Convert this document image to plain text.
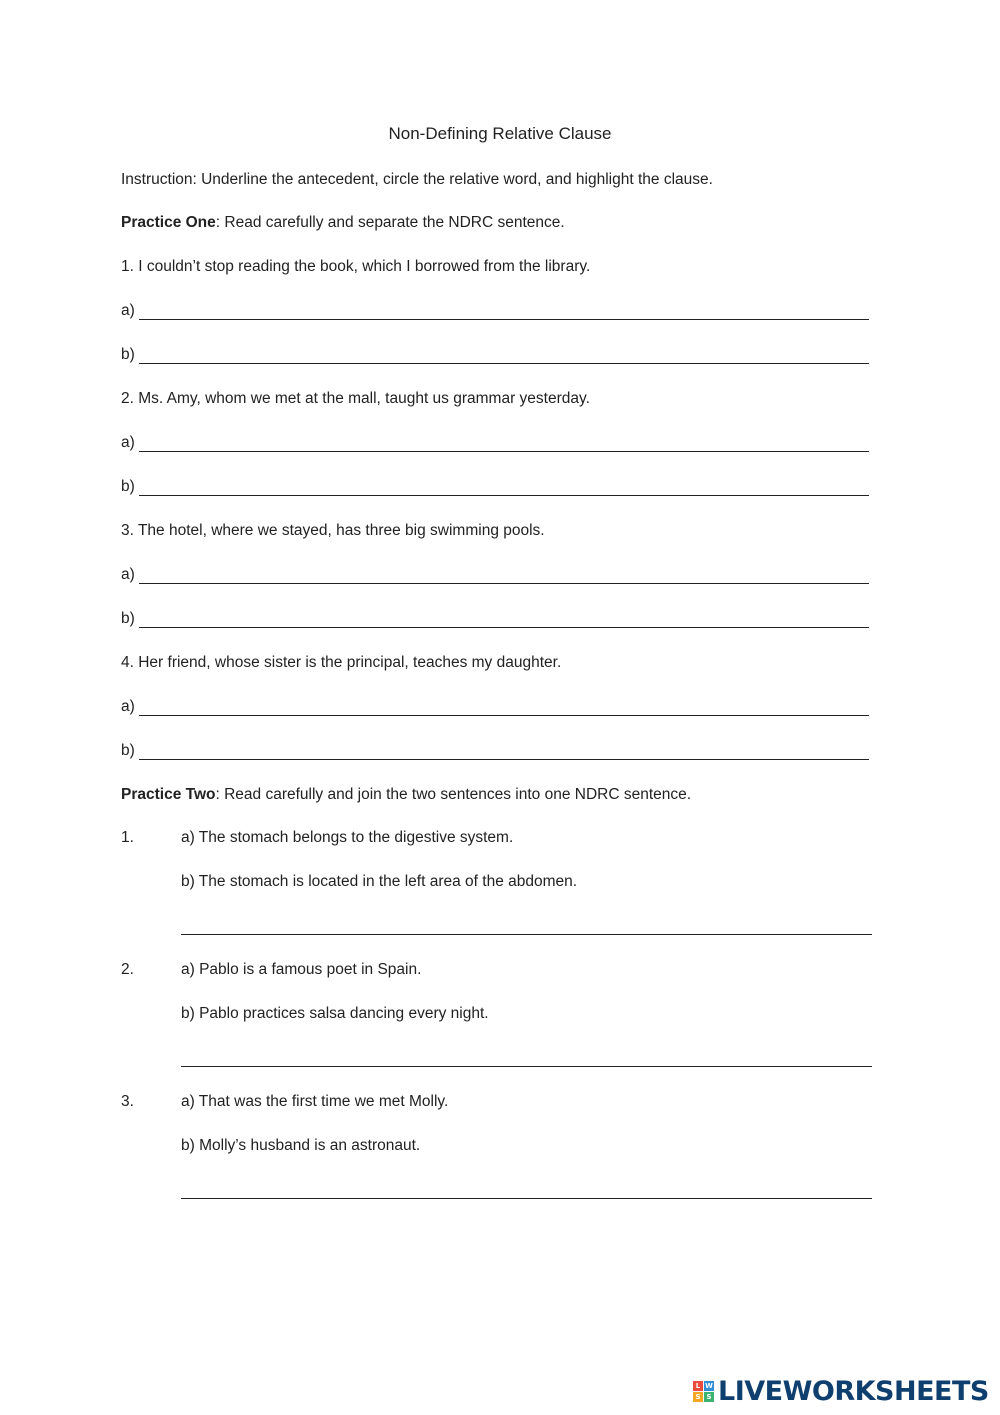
Non-Defining Relative Clause
Instruction: Underline the antecedent, circle the relative word, and highlight the clause.
Practice One: Read carefully and separate the NDRC sentence.
1. I couldn’t stop reading the book, which I borrowed from the library.
a)
b)
2. Ms. Amy, whom we met at the mall, taught us grammar yesterday.
a)
b)
3. The hotel, where we stayed, has three big swimming pools.
a)
b)
4. Her friend, whose sister is the principal, teaches my daughter.
a)
b)
Practice Two: Read carefully and join the two sentences into one NDRC sentence.
1.	a) The stomach belongs to the digestive system.
b) The stomach is located in the left area of the abdomen.
2.	a) Pablo is a famous poet in Spain.
b) Pablo practices salsa dancing every night.
3.	a) That was the first time we met Molly.
b) Molly’s husband is an astronaut.
L W
S S LIVEWORKSHEETS
